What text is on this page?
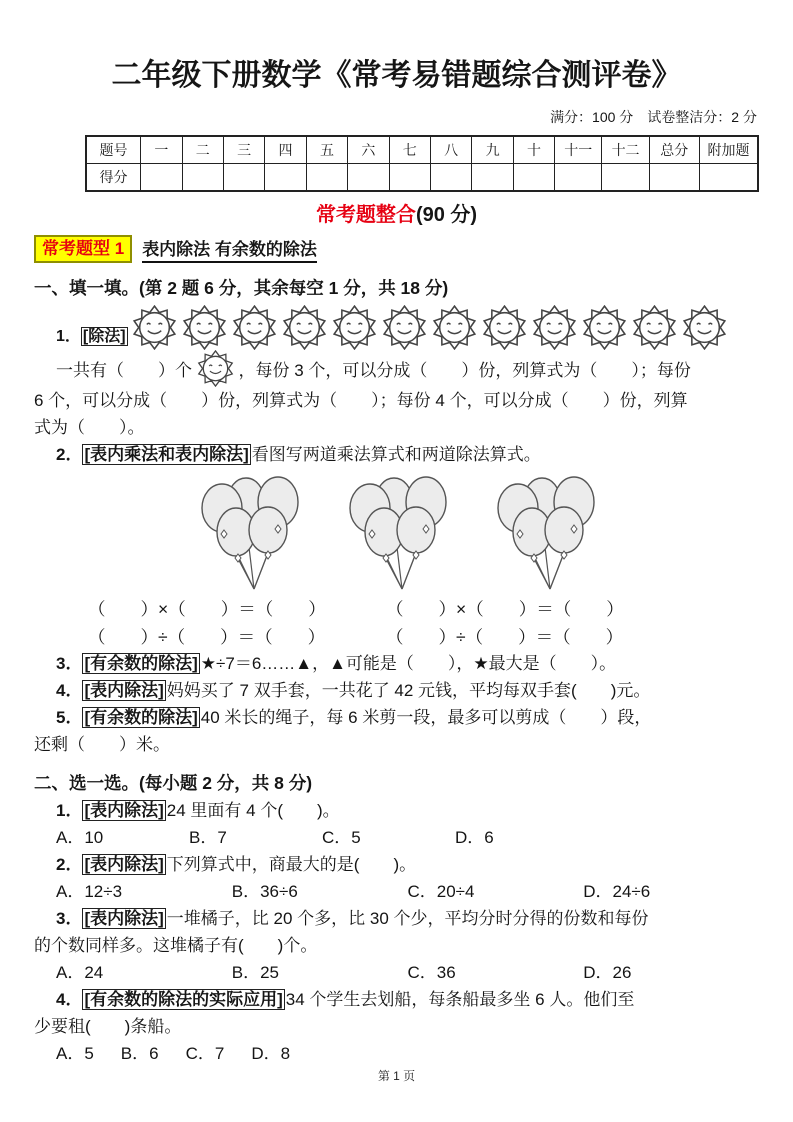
二年级下册数学《常考易错题综合测评卷》
满分：100 分　试卷整洁分：2 分
题号	一	二	三	四	五	六	七	八	九	十	十一	十二	总分	附加题
得分														
常考题整合(90 分)
常考题型 1	表内除法 有余数的除法
一、填一填。(第 2 题 6 分，其余每空 1 分，共 18 分)
1． [除法]
一共有（　　）个	，每份 3 个，可以分成（　　）份，列算式为（　　）；每份
6 个，可以分成（　　）份，列算式为（　　）；每份 4 个，可以分成（　　）份，列算
式为（　　）。
2． [表内乘法和表内除法] 看图写两道乘法算式和两道除法算式。
（　　）×（　　）＝（　　）	（　　）×（　　）＝（　　）
（　　）÷（　　）＝（　　）	（　　）÷（　　）＝（　　）
3． [有余数的除法] ★÷7＝6……▲，▲可能是（　　），★最大是（　　）。
4． [表内除法] 妈妈买了 7 双手套，一共花了 42 元钱，平均每双手套(　　)元。
5． [有余数的除法] 40 米长的绳子，每 6 米剪一段，最多可以剪成（　　）段，
还剩（　　）米。
二、选一选。(每小题 2 分，共 8 分)
1． [表内除法] 24 里面有 4 个(　　)。
A．10	B．7	C．5	D．6
2． [表内除法] 下列算式中，商最大的是(　　)。
A．12÷3	B．36÷6	C．20÷4	D．24÷6
3． [表内除法] 一堆橘子，比 20 个多，比 30 个少，平均分时分得的份数和每份
的个数同样多。这堆橘子有(　　)个。
A．24	B．25	C．36	D．26
4． [有余数的除法的实际应用] 34 个学生去划船，每条船最多坐 6 人。他们至
少要租(　　)条船。
A．5 B．6 C．7 D．8
第 1 页
